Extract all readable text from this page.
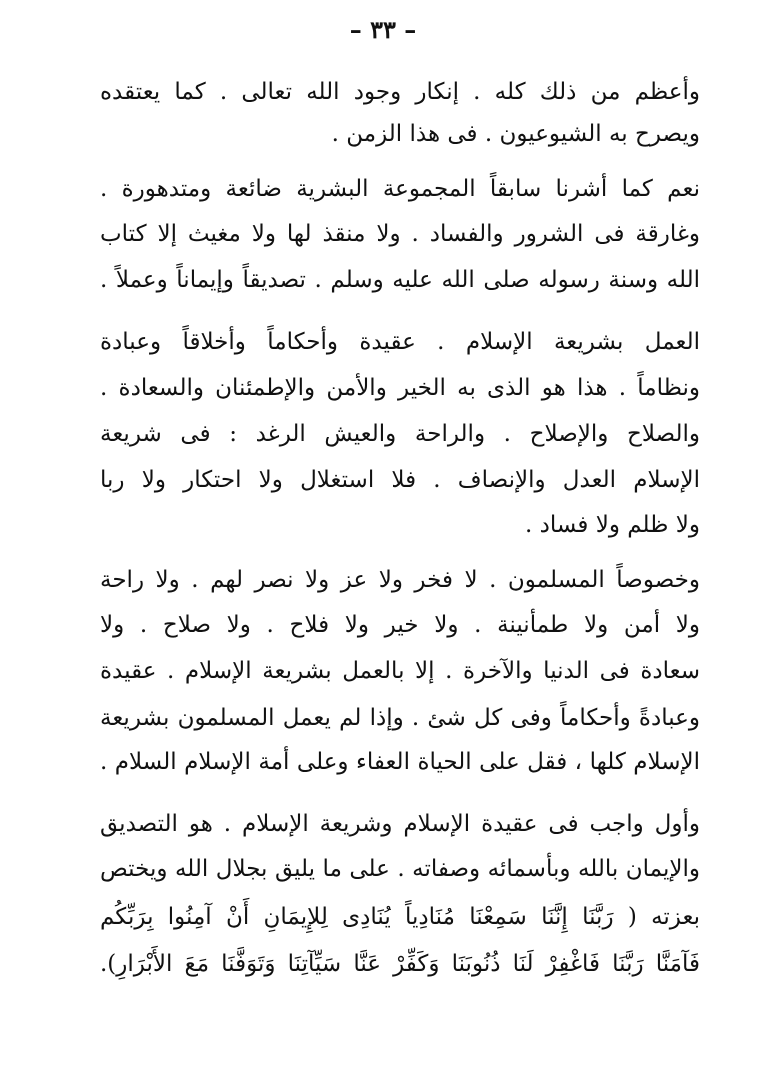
– ٣٣ –
وأعظم من ذلك كله . إنكار وجود الله تعالى . كما يعتقده
ويصرح به الشيوعيون . فى هذا الزمن .
نعم كما أشرنا سابقاً المجموعة البشرية ضائعة ومتدهورة .
وغارقة فى الشرور والفساد . ولا منقذ لها ولا مغيث إلا كتاب
الله وسنة رسوله صلى الله عليه وسلم . تصديقاً وإيماناً وعملاً .
العمل بشريعة الإسلام . عقيدة وأحكاماً وأخلاقاً وعبادة
ونظاماً . هذا هو الذى به الخير والأمن والإطمئنان والسعادة .
والصلاح والإصلاح . والراحة والعيش الرغد : فى شريعة
الإسلام العدل والإنصاف . فلا استغلال ولا احتكار ولا ربا
ولا ظلم ولا فساد .
وخصوصاً المسلمون . لا فخر ولا عز ولا نصر لهم . ولا راحة
ولا أمن ولا طمأنينة . ولا خير ولا فلاح . ولا صلاح . ولا
سعادة فى الدنيا والآخرة . إلا بالعمل بشريعة الإسلام . عقيدة
وعبادةً وأحكاماً وفى كل شئ . وإذا لم يعمل المسلمون بشريعة
الإسلام كلها ، فقل على الحياة العفاء وعلى أمة الإسلام السلام .
وأول واجب فى عقيدة الإسلام وشريعة الإسلام . هو التصديق
والإيمان بالله وبأسمائه وصفاته . على ما يليق بجلال الله ويختص
بعزته ( رَبَّنَا إِنَّنَا سَمِعْنَا مُنَادِياً يُنَادِى لِلإِيمَانِ أَنْ آمِنُوا بِرَبِّكُم
فَآمَنَّا رَبَّنَا فَاغْفِرْ لَنَا ذُنُوبَنَا وَكَفِّرْ عَنَّا سَيِّآتِنَا وَتَوَفَّنَا مَعَ الأَبْرَارِ).
